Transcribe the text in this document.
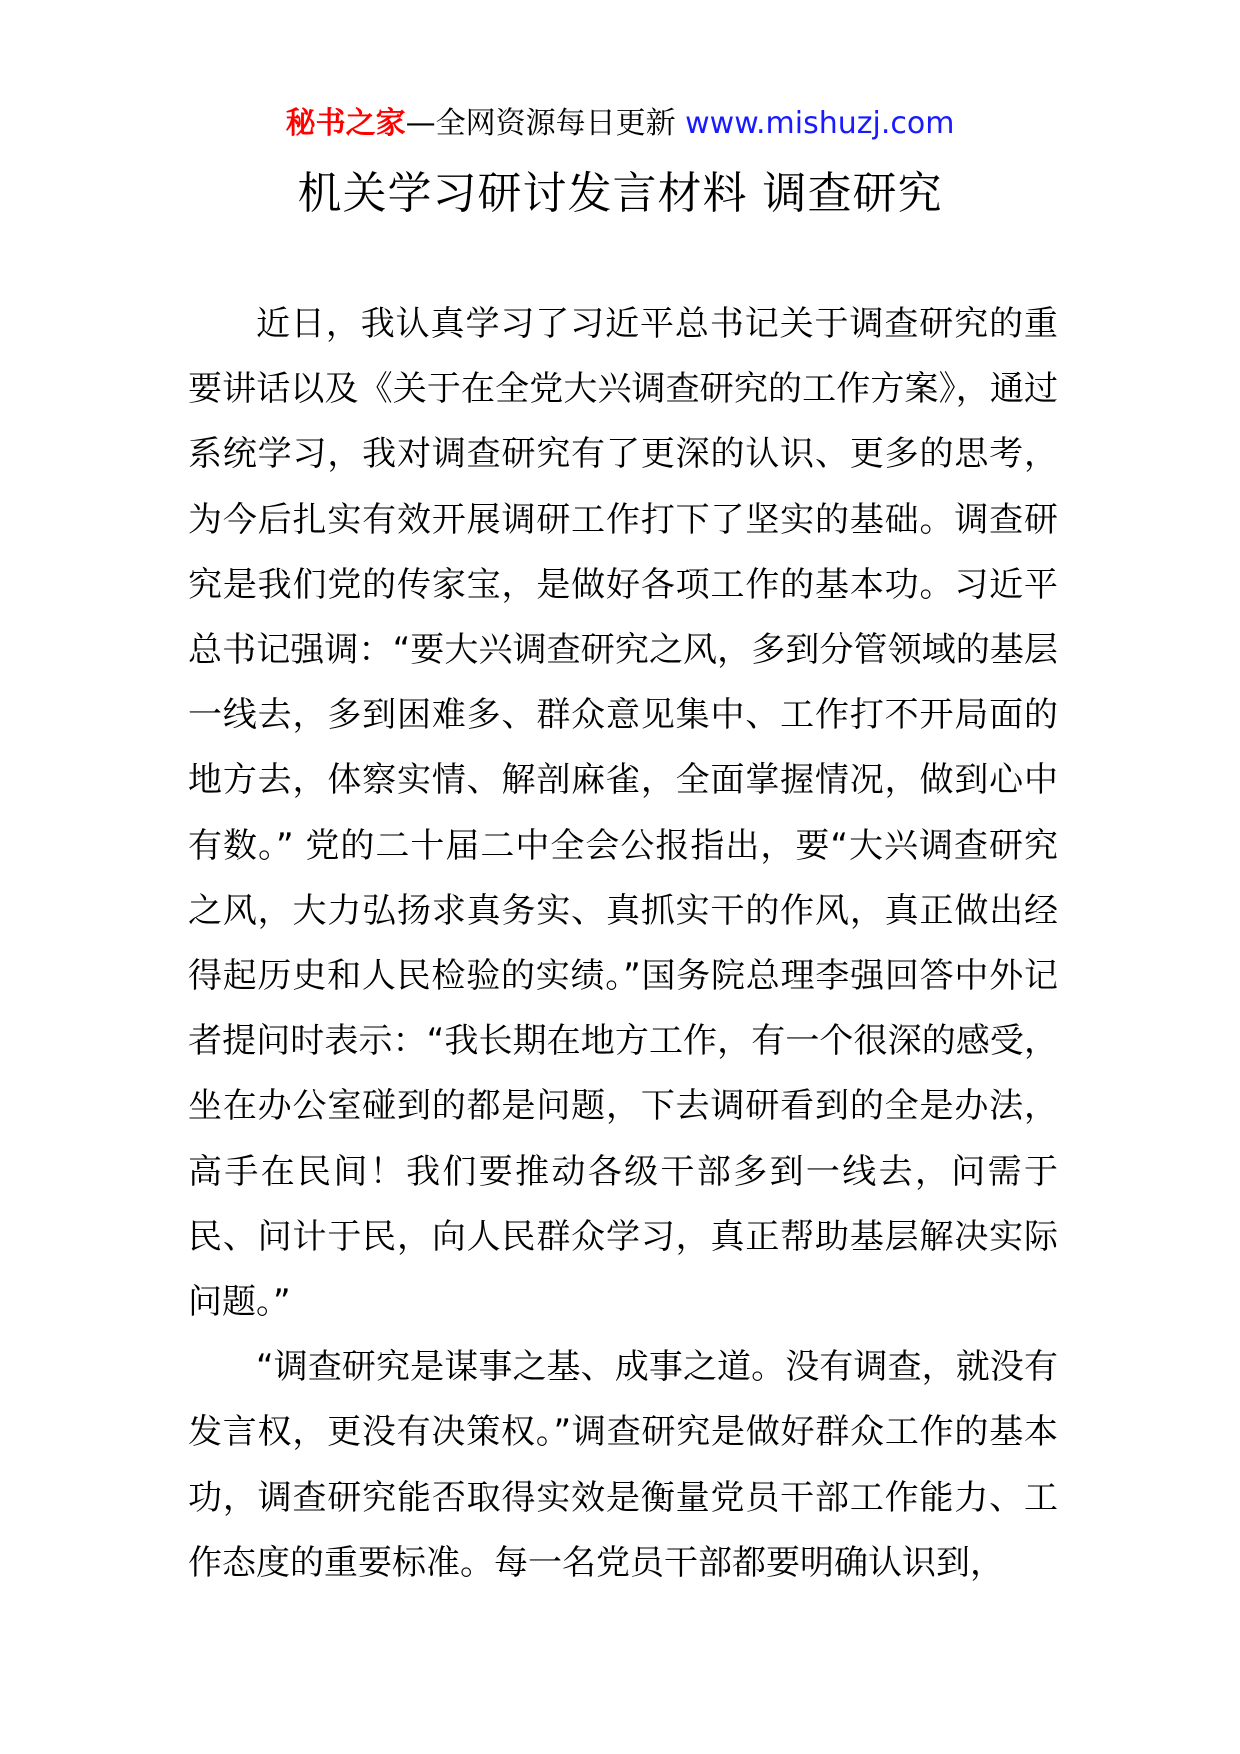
秘书之家—全网资源每日更新 www.mishuzj.com
机关学习研讨发言材料 调查研究

近日，我认真学习了习近平总书记关于调查研究的重要讲话以及《关于在全党大兴调查研究的工作方案》，通过系统学习，我对调查研究有了更深的认识、更多的思考，为今后扎实有效开展调研工作打下了坚实的基础。调查研究是我们党的传家宝，是做好各项工作的基本功。习近平总书记强调：“要大兴调查研究之风，多到分管领域的基层一线去，多到困难多、群众意见集中、工作打不开局面的地方去，体察实情、解剖麻雀，全面掌握情况，做到心中有数。” 党的二十届二中全会公报指出，要“大兴调查研究之风，大力弘扬求真务实、真抓实干的作风，真正做出经得起历史和人民检验的实绩。”国务院总理李强回答中外记者提问时表示：“我长期在地方工作，有一个很深的感受，坐在办公室碰到的都是问题，下去调研看到的全是办法，高手在民间！我们要推动各级干部多到一线去，问需于民、问计于民，向人民群众学习，真正帮助基层解决实际问题。”

“调查研究是谋事之基、成事之道。没有调查，就没有发言权，更没有决策权。”调查研究是做好群众工作的基本功，调查研究能否取得实效是衡量党员干部工作能力、工作态度的重要标准。每一名党员干部都要明确认识到，
